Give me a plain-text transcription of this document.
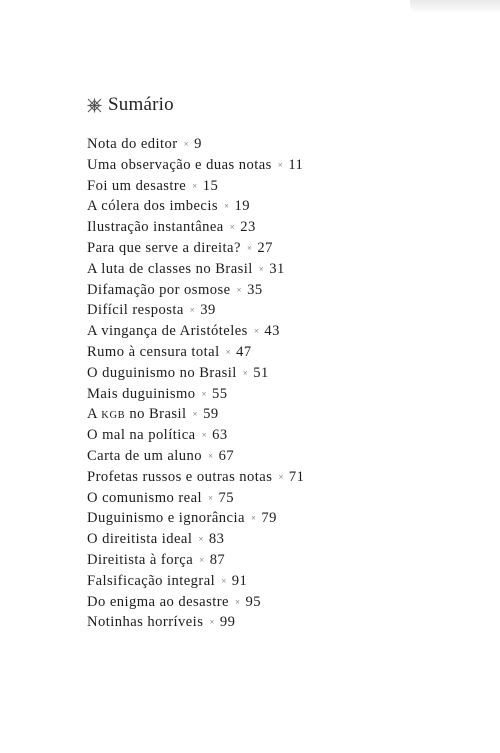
Sumário
Nota do editor × 9
Uma observação e duas notas × 11
Foi um desastre × 15
A cólera dos imbecis × 19
Ilustração instantânea × 23
Para que serve a direita? × 27
A luta de classes no Brasil × 31
Difamação por osmose × 35
Difícil resposta × 39
A vingança de Aristóteles × 43
Rumo à censura total × 47
O duguinismo no Brasil × 51
Mais duguinismo × 55
A KGB no Brasil × 59
O mal na política × 63
Carta de um aluno × 67
Profetas russos e outras notas × 71
O comunismo real × 75
Duguinismo e ignorância × 79
O direitista ideal × 83
Direitista à força × 87
Falsificação integral × 91
Do enigma ao desastre × 95
Notinhas horríveis × 99
